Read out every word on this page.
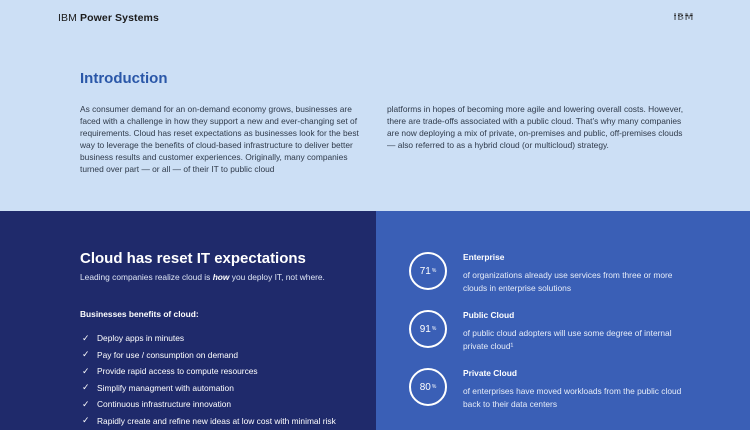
IBM Power Systems	IBM
Introduction
As consumer demand for an on-demand economy grows, businesses are faced with a challenge in how they support a new and ever-changing set of requirements. Cloud has reset expectations as businesses look for the best way to leverage the benefits of cloud-based infrastructure to deliver better business results and customer experiences. Originally, many companies turned over part — or all — of their IT to public cloud
platforms in hopes of becoming more agile and lowering overall costs. However, there are trade-offs associated with a public cloud. That’s why many companies are now deploying a mix of private, on-premises and public, off-premises clouds — also referred to as a hybrid cloud (or multicloud) strategy.
Cloud has reset IT expectations
Leading companies realize cloud is how you deploy IT, not where.
Businesses benefits of cloud:
✓ Deploy apps in minutes
✓ Pay for use / consumption on demand
✓ Provide rapid access to compute resources
✓ Simplify managment with automation
✓ Continuous infrastructure innovation
✓ Rapidly create and refine new ideas at low cost with minimal risk
71 %
Enterprise
of organizations already use services from three or more clouds in enterprise solutions
91 %
Public Cloud
of public cloud adopters will use some degree of internal private cloud¹
80 %
Private Cloud
of enterprises have moved workloads from the public cloud back to their data centers
